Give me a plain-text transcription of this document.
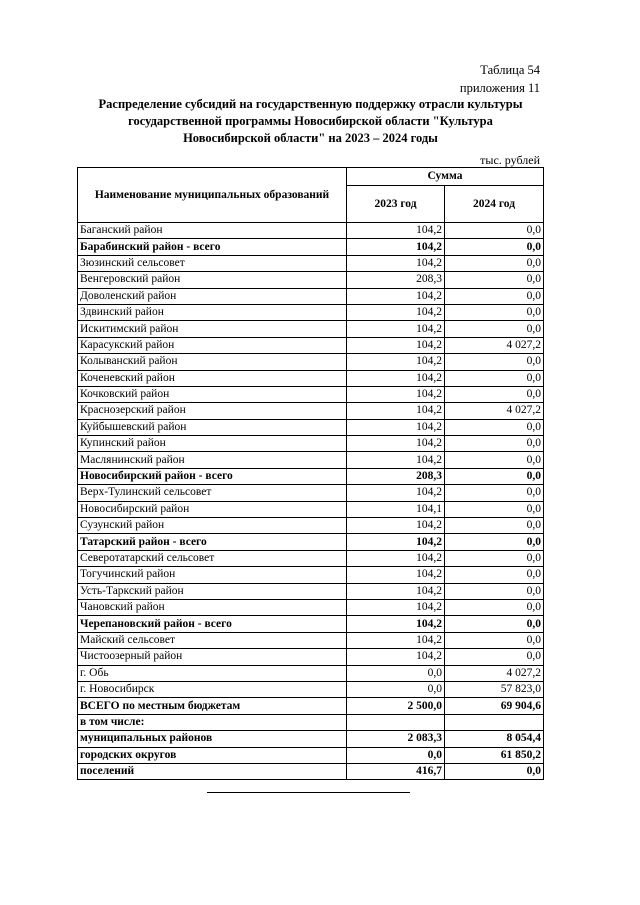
Таблица 54
приложения 11
Распределение субсидий на государственную поддержку отрасли культуры
государственной программы Новосибирской области "Культура
Новосибирской области" на 2023 – 2024 годы
тыс. рублей
Наименование муниципальных образований	Сумма	
	2023 год	2024 год
Баганский район	104,2	0,0
Барабинский район - всего	104,2	0,0
Зюзинский сельсовет	104,2	0,0
Венгеровский район	208,3	0,0
Доволенский район	104,2	0,0
Здвинский район	104,2	0,0
Искитимский район	104,2	0,0
Карасукский район	104,2	4 027,2
Колыванский район	104,2	0,0
Коченевский район	104,2	0,0
Кочковский район	104,2	0,0
Краснозерский район	104,2	4 027,2
Куйбышевский район	104,2	0,0
Купинский район	104,2	0,0
Маслянинский район	104,2	0,0
Новосибирский район - всего	208,3	0,0
Верх-Тулинский сельсовет	104,2	0,0
Новосибирский район	104,1	0,0
Сузунский район	104,2	0,0
Татарский район - всего	104,2	0,0
Северотатарский сельсовет	104,2	0,0
Тогучинский район	104,2	0,0
Усть-Таркский район	104,2	0,0
Чановский район	104,2	0,0
Черепановский район - всего	104,2	0,0
Майский сельсовет	104,2	0,0
Чистоозерный район	104,2	0,0
г. Обь	0,0	4 027,2
г. Новосибирск	0,0	57 823,0
ВСЕГО по местным бюджетам	2 500,0	69 904,6
в том числе:		
муниципальных районов	2 083,3	8 054,4
городских округов	0,0	61 850,2
поселений	416,7	0,0
